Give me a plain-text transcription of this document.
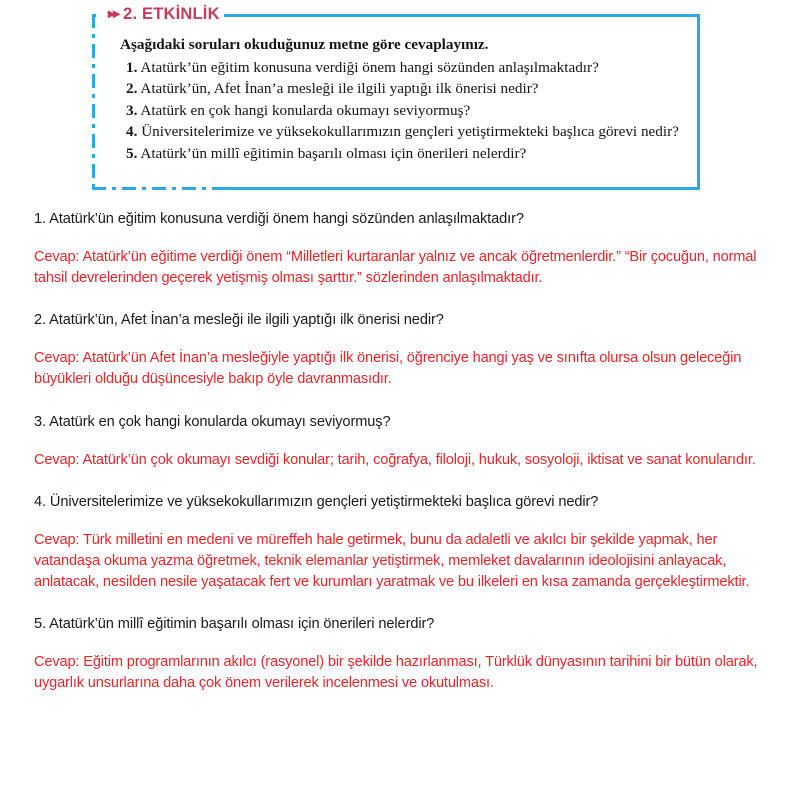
▸▸ 2. ETKİNLİK

Aşağıdaki soruları okuduğunuz metne göre cevaplayınız.

1. Atatürk’ün eğitim konusuna verdiği önem hangi sözünden anlaşılmaktadır?

2. Atatürk’ün, Afet İnan’a mesleği ile ilgili yaptığı ilk önerisi nedir?

3. Atatürk en çok hangi konularda okumayı seviyormuş?

4. Üniversitelerimize ve yüksekokullarımızın gençleri yetiştirmekteki başlıca görevi nedir?

5. Atatürk’ün millî eğitimin başarılı olması için önerileri nelerdir?

1. Atatürk’ün eğitim konusuna verdiği önem hangi sözünden anlaşılmaktadır?

Cevap: Atatürk’ün eğitime verdiği önem “Milletleri kurtaranlar yalnız ve ancak öğretmenlerdir.” “Bir çocuğun, normal tahsil devrelerinden geçerek yetişmiş olması şarttır.” sözlerinden anlaşılmaktadır.

2. Atatürk’ün, Afet İnan’a mesleği ile ilgili yaptığı ilk önerisi nedir?

Cevap: Atatürk’ün Afet İnan’a mesleğiyle yaptığı ilk önerisi, öğrenciye hangi yaş ve sınıfta olursa olsun geleceğin büyükleri olduğu düşüncesiyle bakıp öyle davranmasıdır.

3. Atatürk en çok hangi konularda okumayı seviyormuş?

Cevap: Atatürk’ün çok okumayı sevdiği konular; tarih, coğrafya, filoloji, hukuk, sosyoloji, iktisat ve sanat konularıdır.

4. Üniversitelerimize ve yüksekokullarımızın gençleri yetiştirmekteki başlıca görevi nedir?

Cevap: Türk milletini en medeni ve müreffeh hale getirmek, bunu da adaletli ve akılcı bir şekilde yapmak, her vatandaşa okuma yazma öğretmek, teknik elemanlar yetiştirmek, memleket davalarının ideolojisini anlayacak, anlatacak, nesilden nesile yaşatacak fert ve kurumları yaratmak ve bu ilkeleri en kısa zamanda gerçekleştirmektir.

5. Atatürk’ün millî eğitimin başarılı olması için önerileri nelerdir?

Cevap: Eğitim programlarının akılcı (rasyonel) bir şekilde hazırlanması, Türklük dünyasının tarihini bir bütün olarak, uygarlık unsurlarına daha çok önem verilerek incelenmesi ve okutulması.
